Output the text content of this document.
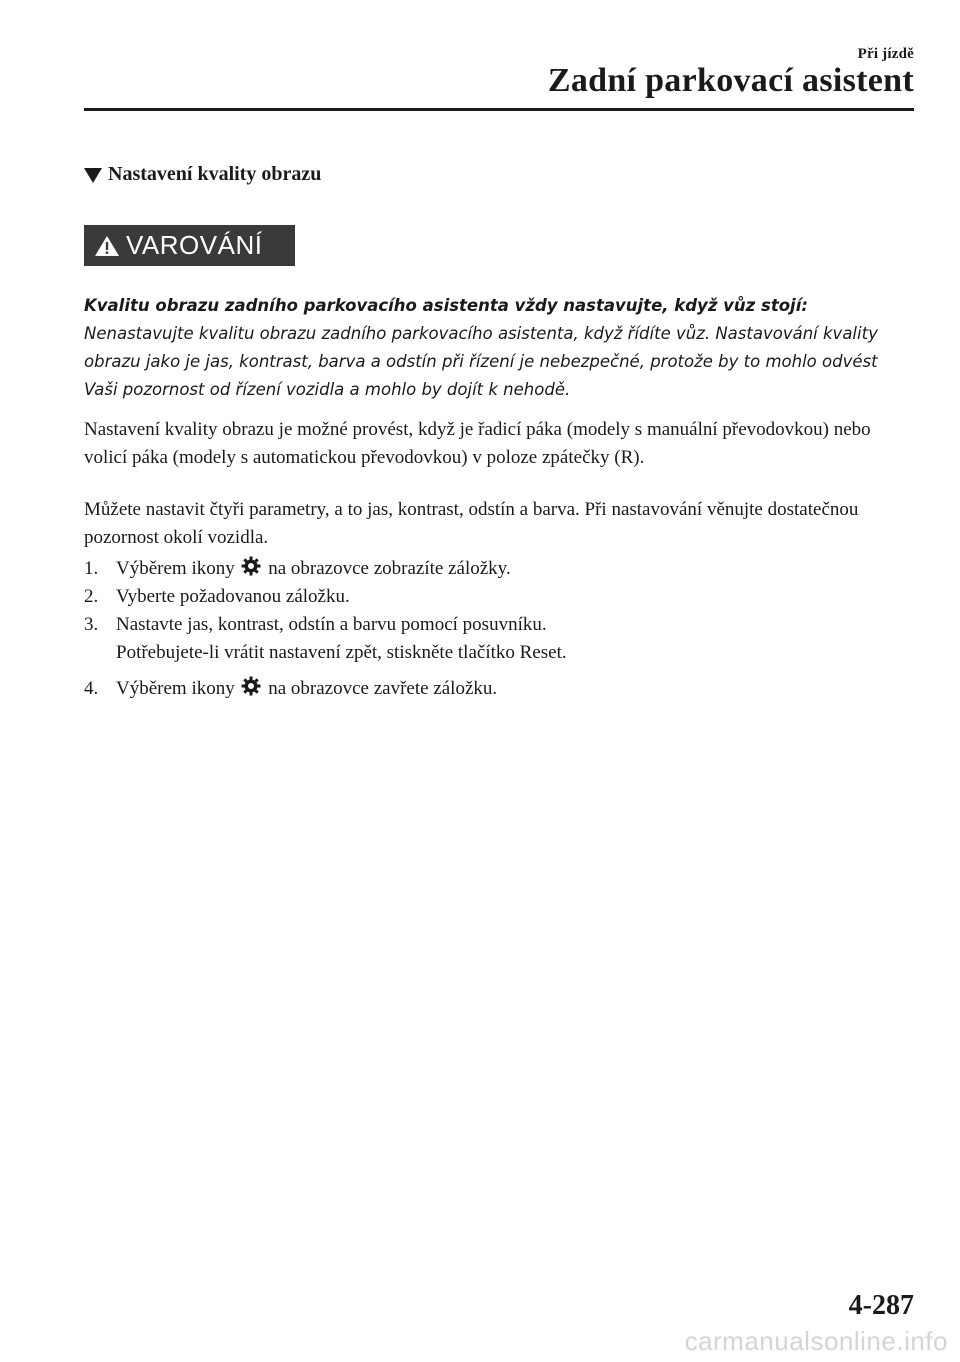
Při jízdě
Zadní parkovací asistent
Nastavení kvality obrazu
VAROVÁNÍ
Kvalitu obrazu zadního parkovacího asistenta vždy nastavujte, když vůz stojí:
Nenastavujte kvalitu obrazu zadního parkovacího asistenta, když řídíte vůz. Nastavování kvality obrazu jako je jas, kontrast, barva a odstín při řízení je nebezpečné, protože by to mohlo odvést Vaši pozornost od řízení vozidla a mohlo by dojít k nehodě.
Nastavení kvality obrazu je možné provést, když je řadicí páka (modely s manuální převodovkou) nebo volicí páka (modely s automatickou převodovkou) v poloze zpátečky (R).
Můžete nastavit čtyři parametry, a to jas, kontrast, odstín a barva. Při nastavování věnujte dostatečnou pozornost okolí vozidla.
1. Výběrem ikony na obrazovce zobrazíte záložky.
2. Vyberte požadovanou záložku.
3. Nastavte jas, kontrast, odstín a barvu pomocí posuvníku.
Potřebujete-li vrátit nastavení zpět, stiskněte tlačítko Reset.
4. Výběrem ikony na obrazovce zavřete záložku.
4-287
carmanualsonline.info
